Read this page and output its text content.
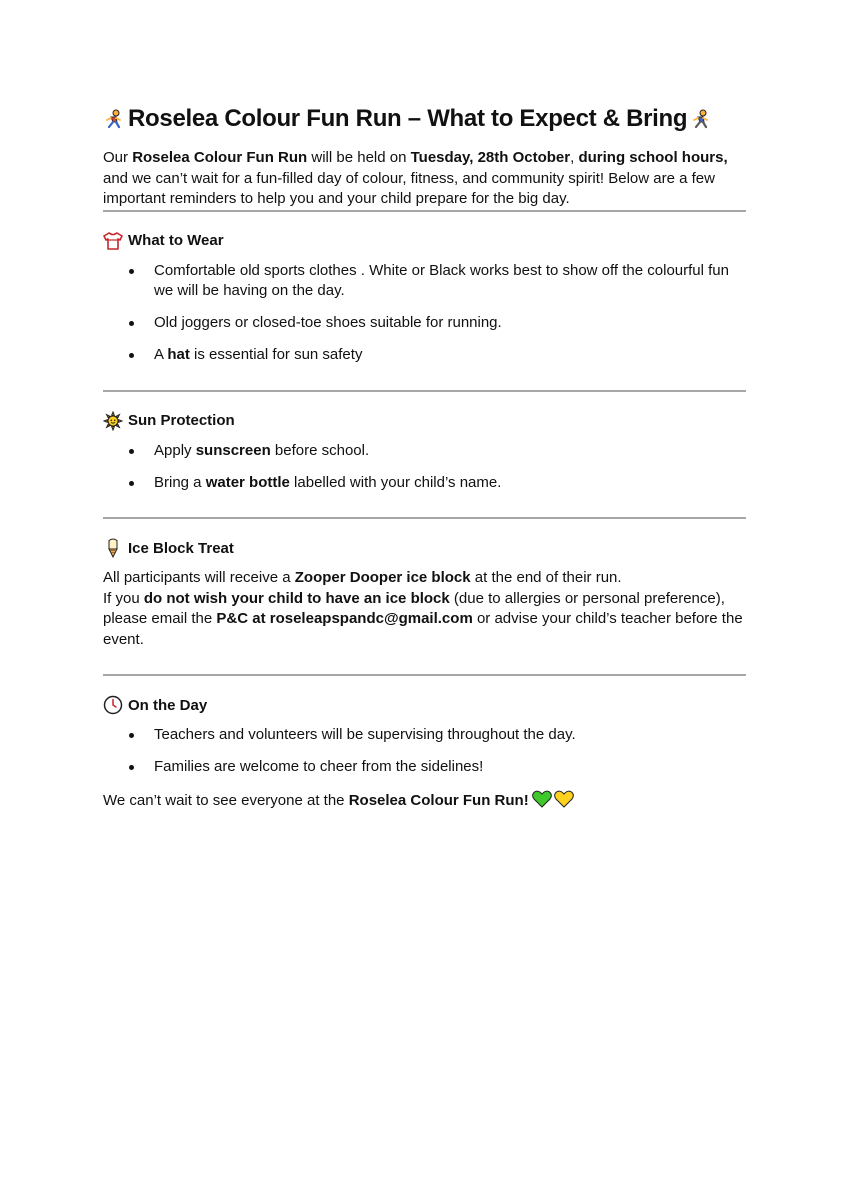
Roselea Colour Fun Run – What to Expect & Bring

Our Roselea Colour Fun Run will be held on Tuesday, 28th October, during school hours, and we can’t wait for a fun-filled day of colour, fitness, and community spirit! Below are a few important reminders to help you and your child prepare for the big day.

What to Wear
Comfortable old sports clothes . White or Black works best to show off the colourful fun we will be having on the day.
Old joggers or closed-toe shoes suitable for running.
A hat is essential for sun safety
Sun Protection
Apply sunscreen before school.
Bring a water bottle labelled with your child’s name.
Ice Block Treat

All participants will receive a Zooper Dooper ice block at the end of their run.

If you do not wish your child to have an ice block (due to allergies or personal preference), please email the P&C at roseleapspandc@gmail.com or advise your child’s teacher before the event.

On the Day
Teachers and volunteers will be supervising throughout the day.
Families are welcome to cheer from the sidelines!

We can’t wait to see everyone at the Roselea Colour Fun Run!
